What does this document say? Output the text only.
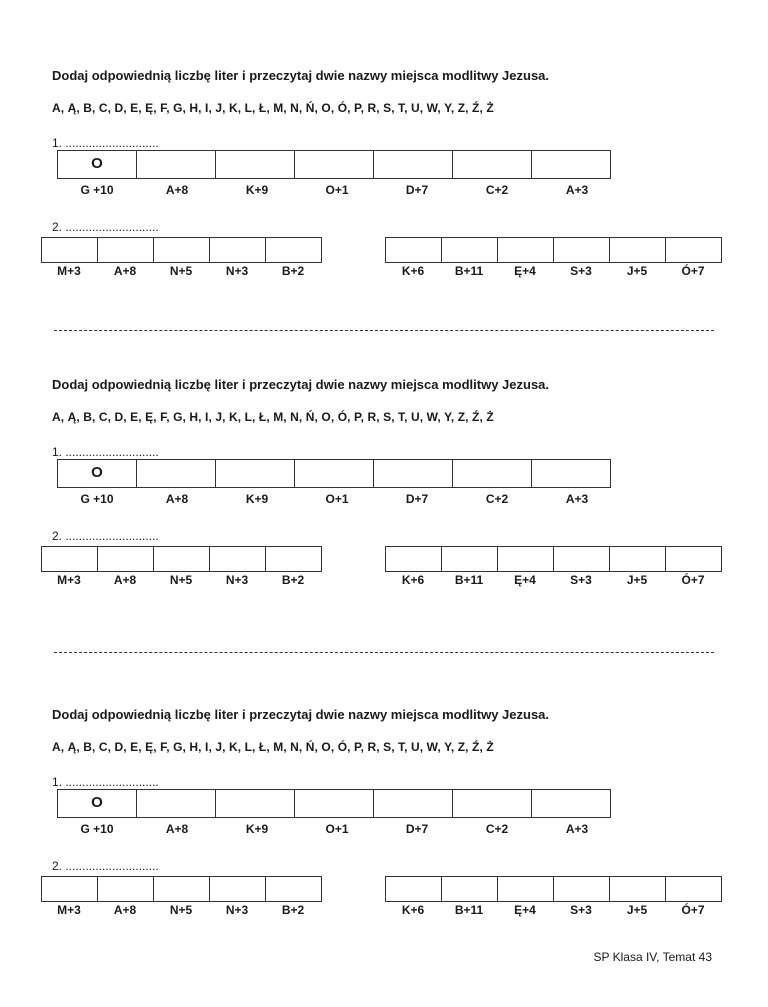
Dodaj odpowiednią liczbę liter i przeczytaj dwie nazwy miejsca modlitwy Jezusa.
A, Ą, B, C, D, E, Ę, F, G, H, I, J, K, L, Ł, M, N, Ń, O, Ó, P, R, S, T, U, W, Y, Z, Ź, Ż
1. ............................
O
G +10	A+8	K+9	O+1	D+7	C+2	A+3
2. ............................
M+3	A+8	N+5	N+3	B+2	K+6	B+11	Ę+4	S+3	J+5	Ó+7
Dodaj odpowiednią liczbę liter i przeczytaj dwie nazwy miejsca modlitwy Jezusa.
A, Ą, B, C, D, E, Ę, F, G, H, I, J, K, L, Ł, M, N, Ń, O, Ó, P, R, S, T, U, W, Y, Z, Ź, Ż
1. ............................
O
G +10	A+8	K+9	O+1	D+7	C+2	A+3
2. ............................
M+3	A+8	N+5	N+3	B+2	K+6	B+11	Ę+4	S+3	J+5	Ó+7
Dodaj odpowiednią liczbę liter i przeczytaj dwie nazwy miejsca modlitwy Jezusa.
A, Ą, B, C, D, E, Ę, F, G, H, I, J, K, L, Ł, M, N, Ń, O, Ó, P, R, S, T, U, W, Y, Z, Ź, Ż
1. ............................
O
G +10	A+8	K+9	O+1	D+7	C+2	A+3
2. ............................
M+3	A+8	N+5	N+3	B+2	K+6	B+11	Ę+4	S+3	J+5	Ó+7
SP Klasa IV, Temat 43
